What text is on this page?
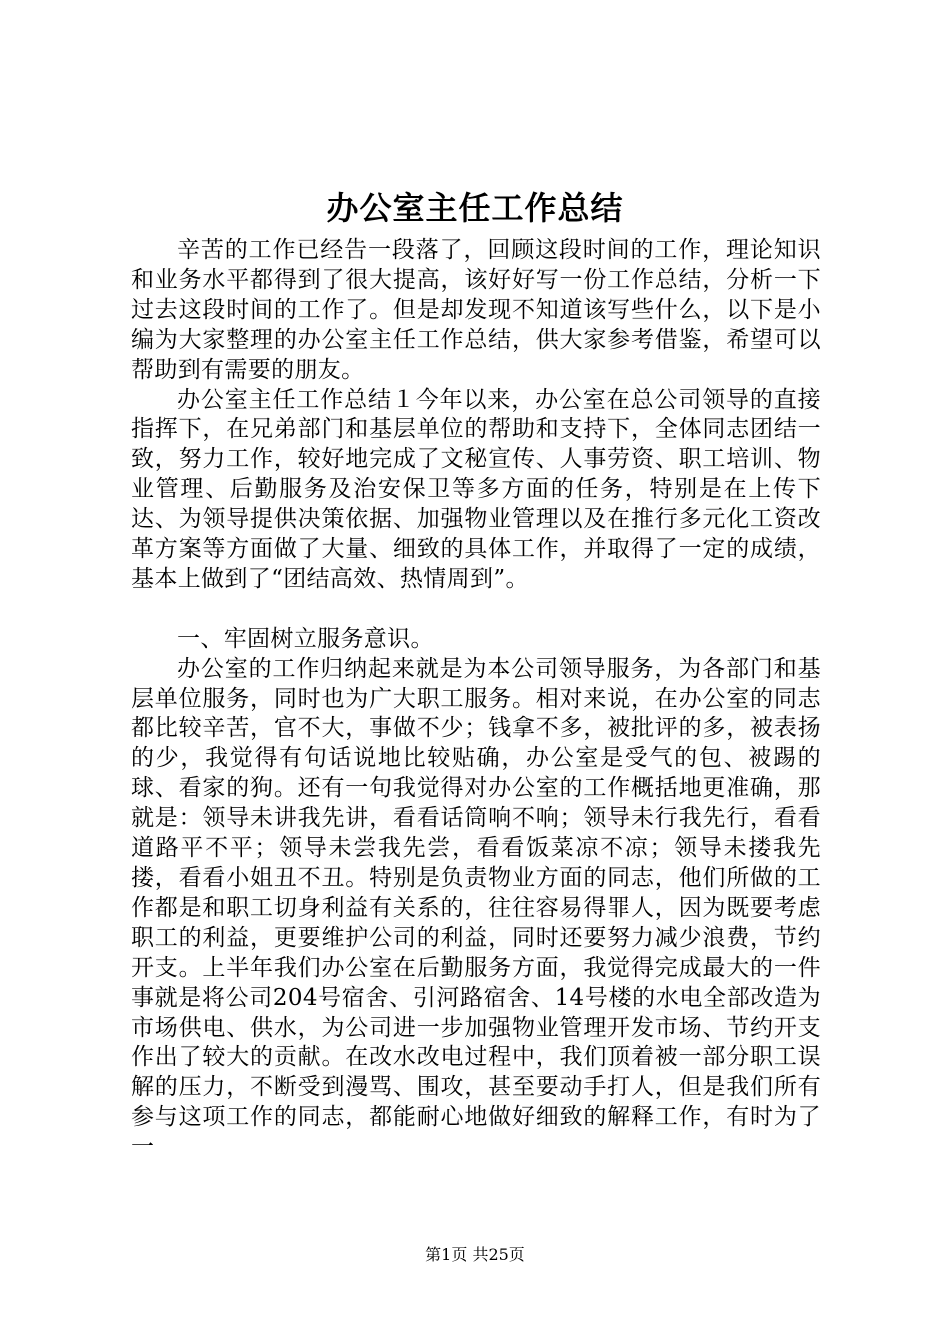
办公室主任工作总结

辛苦的工作已经告一段落了，回顾这段时间的工作，理论知识和业务水平都得到了很大提高，该好好写一份工作总结，分析一下过去这段时间的工作了。但是却发现不知道该写些什么，以下是小编为大家整理的办公室主任工作总结，供大家参考借鉴，希望可以帮助到有需要的朋友。

办公室主任工作总结１今年以来，办公室在总公司领导的直接指挥下，在兄弟部门和基层单位的帮助和支持下，全体同志团结一致，努力工作，较好地完成了文秘宣传、人事劳资、职工培训、物业管理、后勤服务及治安保卫等多方面的任务，特别是在上传下达、为领导提供决策依据、加强物业管理以及在推行多元化工资改革方案等方面做了大量、细致的具体工作，并取得了一定的成绩，基本上做到了“团结高效、热情周到”。

一、牢固树立服务意识。

办公室的工作归纳起来就是为本公司领导服务，为各部门和基层单位服务，同时也为广大职工服务。相对来说，在办公室的同志都比较辛苦，官不大，事做不少；钱拿不多，被批评的多，被表扬的少，我觉得有句话说地比较贴确，办公室是受气的包、被踢的球、看家的狗。还有一句我觉得对办公室的工作概括地更准确，那就是：领导未讲我先讲，看看话筒响不响；领导未行我先行，看看道路平不平；领导未尝我先尝，看看饭菜凉不凉；领导未搂我先搂，看看小姐丑不丑。特别是负责物业方面的同志，他们所做的工作都是和职工切身利益有关系的，往往容易得罪人，因为既要考虑职工的利益，更要维护公司的利益，同时还要努力减少浪费，节约开支。上半年我们办公室在后勤服务方面，我觉得完成最大的一件事就是将公司204号宿舍、引河路宿舍、14号楼的水电全部改造为市场供电、供水，为公司进一步加强物业管理开发市场、节约开支作出了较大的贡献。在改水改电过程中，我们顶着被一部分职工误解的压力，不断受到漫骂、围攻，甚至要动手打人，但是我们所有参与这项工作的同志，都能耐心地做好细致的解释工作，有时为了一

第1页 共25页
